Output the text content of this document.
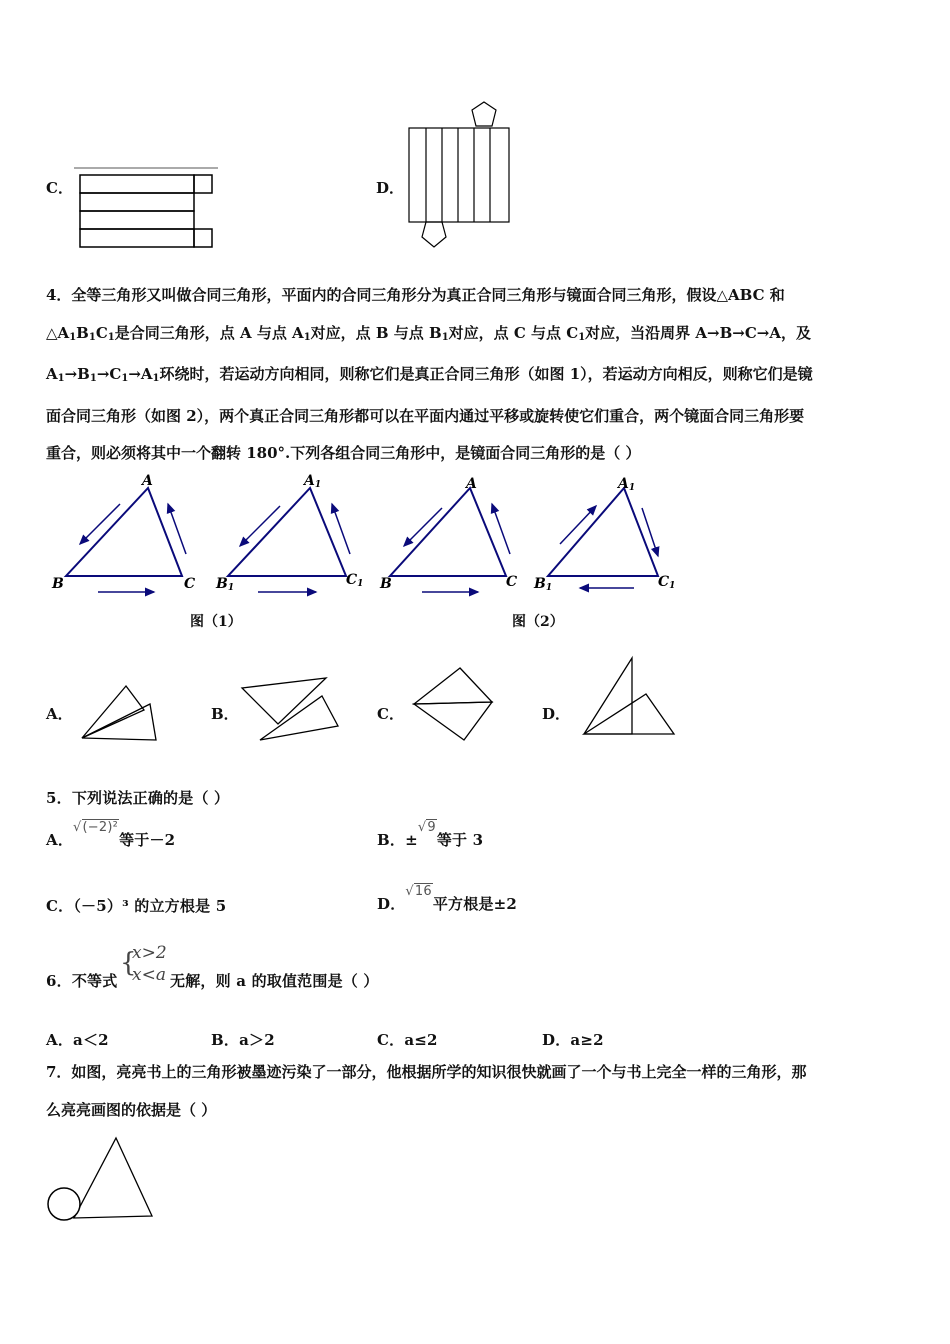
C．	D．
4．全等三角形又叫做合同三角形，平面内的合同三角形分为真正合同三角形与镜面合同三角形，假设△ABC 和
$\triangle A_1B_1C_1$是合同三角形，点 A 与点 $A_1$对应，点 B 与点 $B_1$对应，点 C 与点 $C_1$对应，当沿周界 A→B→C→A，及
$A_1\to B_1\to C_1\to A_1$环绕时，若运动方向相同，则称它们是真正合同三角形（如图 1），若运动方向相反，则称它们是镜
面合同三角形（如图 2），两个真正合同三角形都可以在平面内通过平移或旋转使它们重合，两个镜面合同三角形要
重合，则必须将其中一个翻转 180°.下列各组合同三角形中，是镜面合同三角形的是（ ）
A
B	C
A1
B1	C1
A
B	C
A1
B1	C1
图（1）	图（2）
A．	B．	C．	D．
5．下列说法正确的是（ ）
A．√(−2)²等于－2	B．±√9等于 3
C．（－5）³ 的立方根是 5	D．√16平方根是±2
6．不等式
{
x>2
x<a 无解，则 a 的取值范围是（ ）
A．a＜2	B．a＞2	C．a≤2	D．a≥2
7．如图，亮亮书上的三角形被墨迹污染了一部分，他根据所学的知识很快就画了一个与书上完全一样的三角形，那
么亮亮画图的依据是（ ）
